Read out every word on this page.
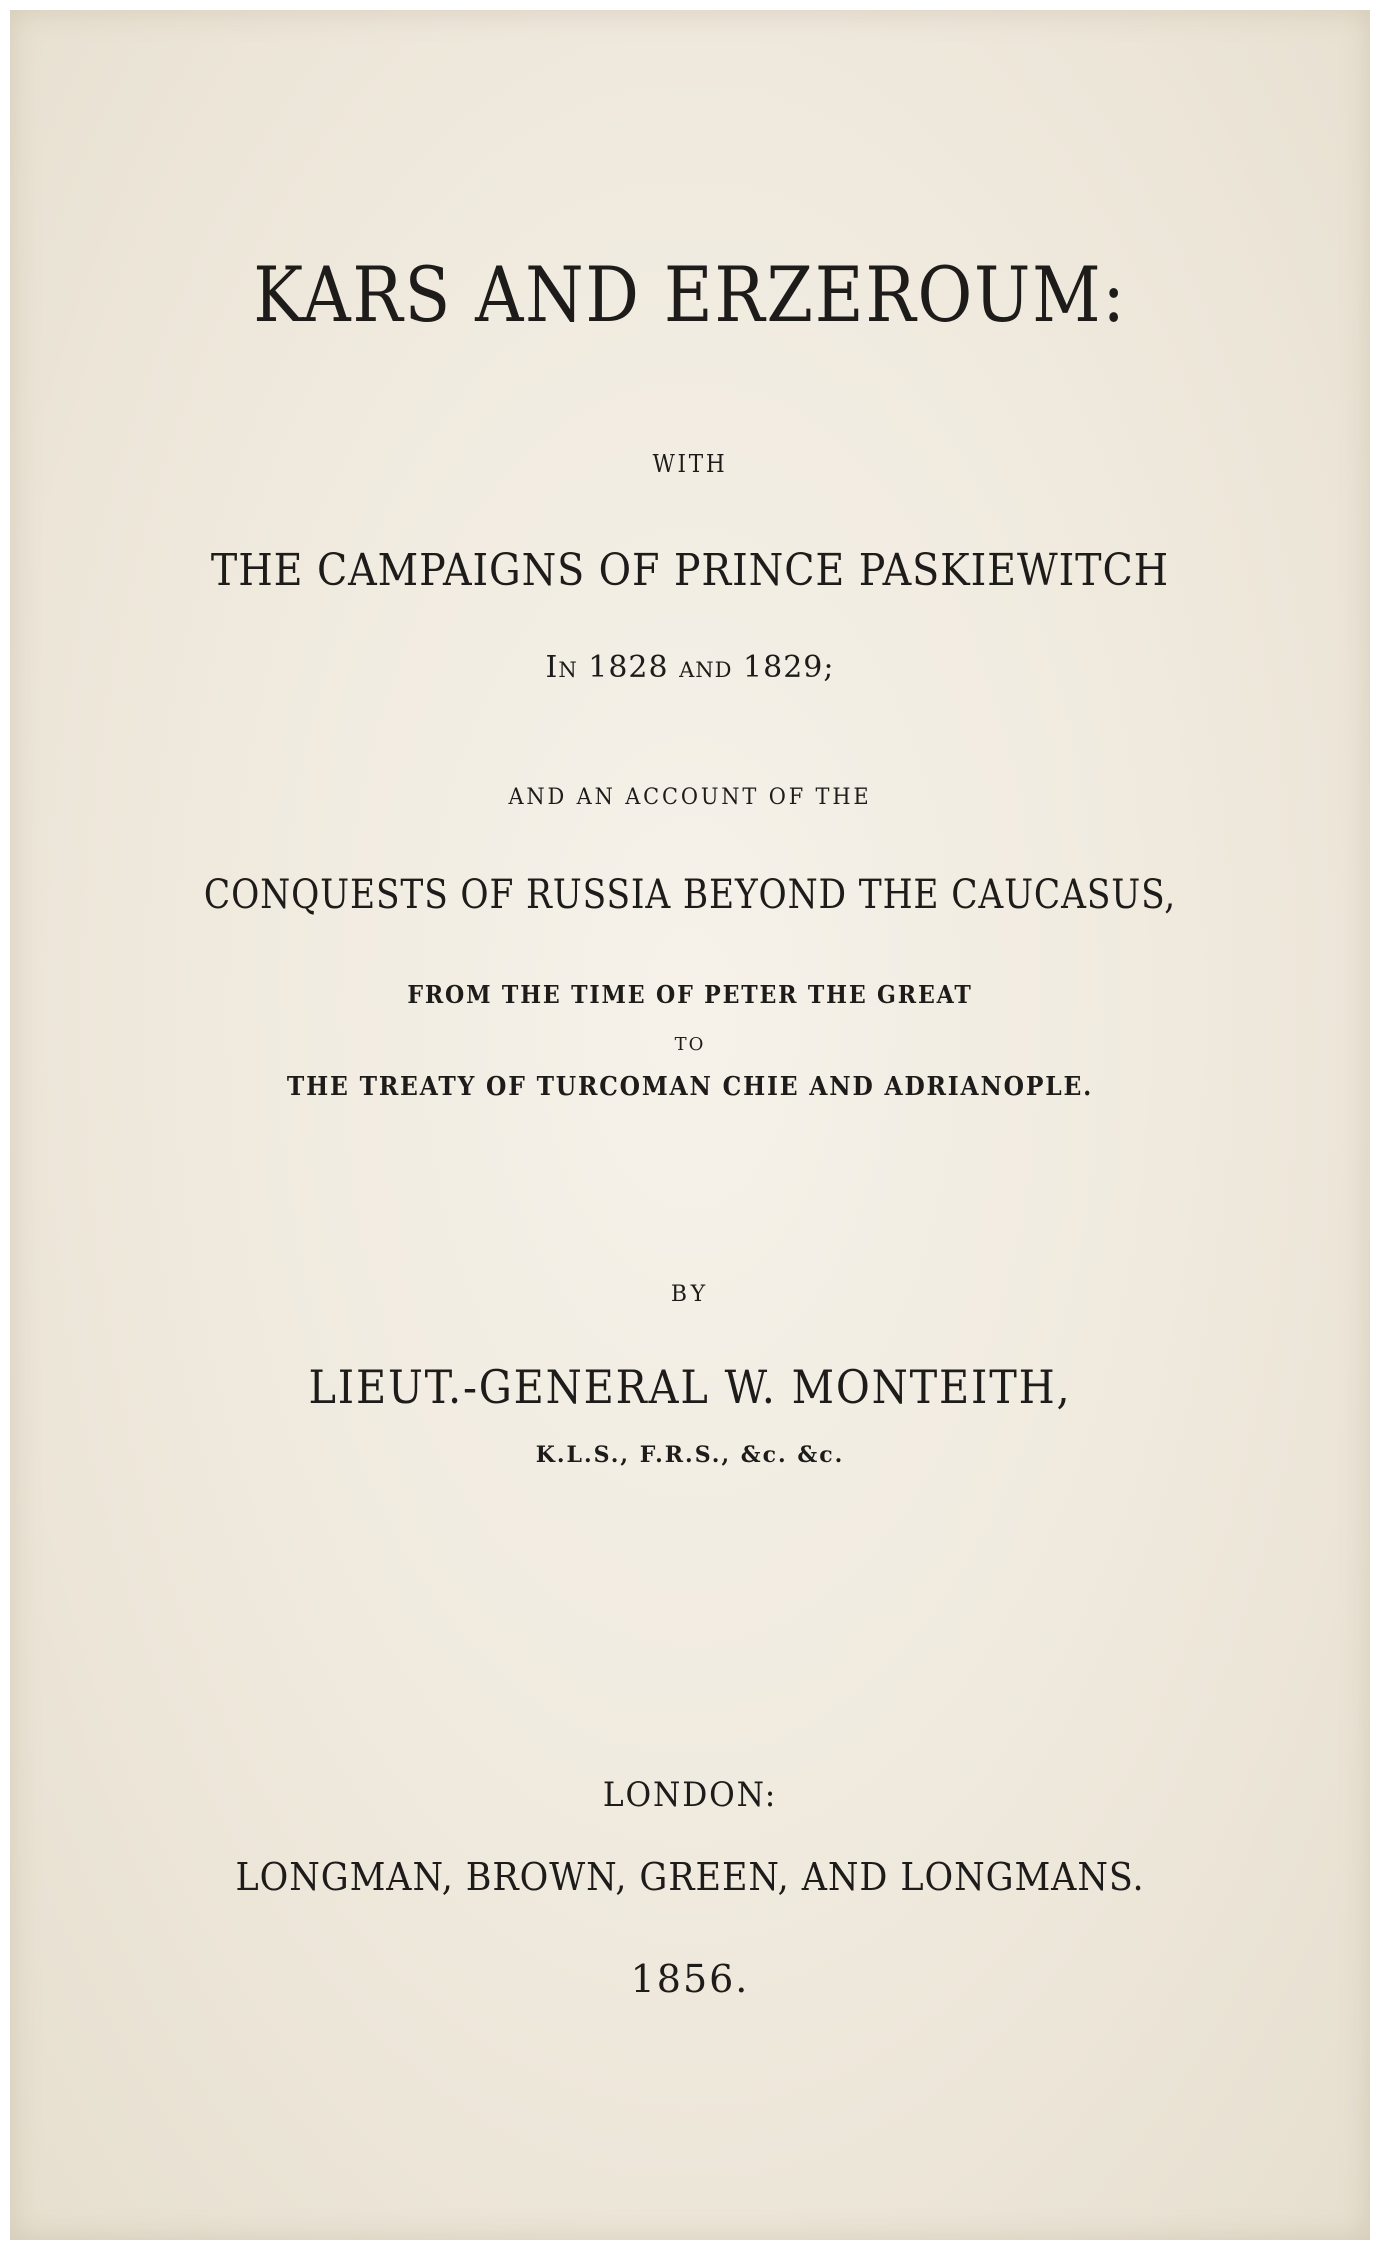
KARS AND ERZEROUM:
WITH
THE CAMPAIGNS OF PRINCE PASKIEWITCH
In 1828 and 1829;
AND AN ACCOUNT OF THE
CONQUESTS OF RUSSIA BEYOND THE CAUCASUS,
FROM THE TIME OF PETER THE GREAT
TO
THE TREATY OF TURCOMAN CHIE AND ADRIANOPLE.
BY
LIEUT.-GENERAL W. MONTEITH,
K.L.S., F.R.S., &c. &c.
LONDON:
LONGMAN, BROWN, GREEN, AND LONGMANS.
1856.
